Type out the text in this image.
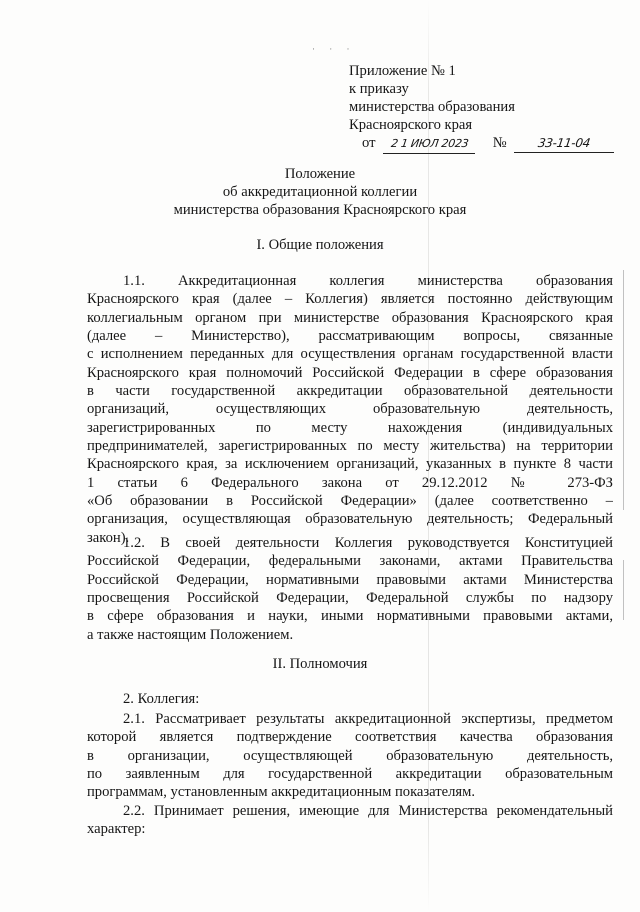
· · ·
Приложение № 1
к приказу
министерства образования
Красноярского края
от 2 1 ИЮЛ 2023 №	33-11-04
Положение
об аккредитационной коллегии
министерства образования Красноярского края
I. Общие положения
1.1. Аккредитационная коллегия министерства образования
Красноярского края (далее – Коллегия) является постоянно действующим
коллегиальным органом при министерстве образования Красноярского края
(далее – Министерство), рассматривающим вопросы, связанные
с исполнением переданных для осуществления органам государственной власти
Красноярского края полномочий Российской Федерации в сфере образования
в части государственной аккредитации образовательной деятельности
организаций, осуществляющих образовательную деятельность,
зарегистрированных по месту нахождения (индивидуальных
предпринимателей, зарегистрированных по месту жительства) на территории
Красноярского края, за исключением организаций, указанных в пункте 8 части
1 статьи 6 Федерального закона от 29.12.2012 № 273-ФЗ
«Об образовании в Российской Федерации» (далее соответственно –
организация, осуществляющая образовательную деятельность; Федеральный
закон).
1.2. В своей деятельности Коллегия руководствуется Конституцией
Российской Федерации, федеральными законами, актами Правительства
Российской Федерации, нормативными правовыми актами Министерства
просвещения Российской Федерации, Федеральной службы по надзору
в сфере образования и науки, иными нормативными правовыми актами,
а также настоящим Положением.
II. Полномочия
2. Коллегия:
2.1. Рассматривает результаты аккредитационной экспертизы, предметом
которой является подтверждение соответствия качества образования
в организации, осуществляющей образовательную деятельность,
по заявленным для государственной аккредитации образовательным
программам, установленным аккредитационным показателям.
2.2. Принимает решения, имеющие для Министерства рекомендательный
характер:
